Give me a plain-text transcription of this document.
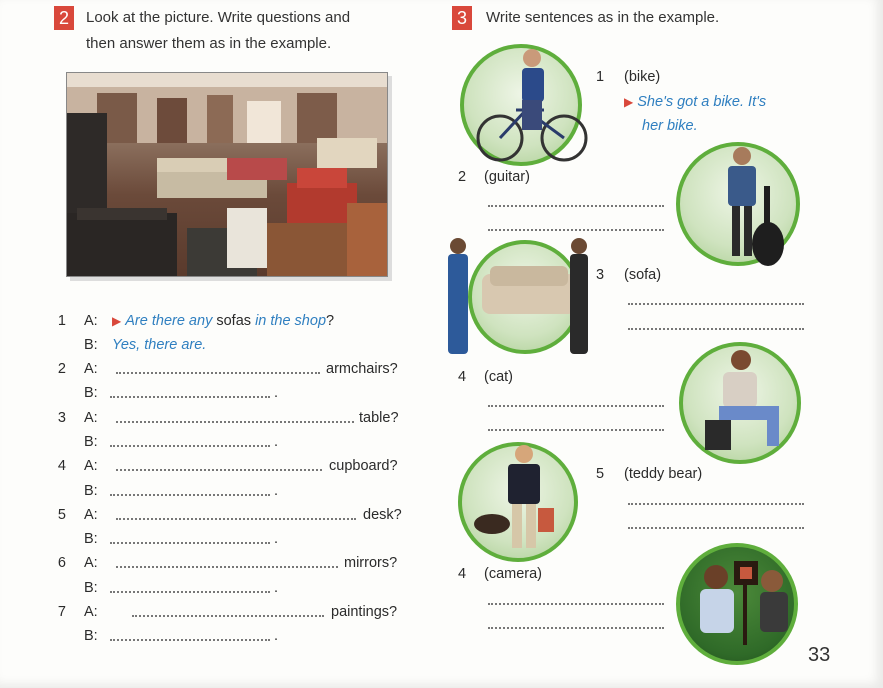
2	Look at the picture. Write questions and
then answer them as in the example.
1 A: ▶ Are there any sofas in the shop?
B: Yes, there are.
2 A:	armchairs?
B:	.
3 A:	table?
B:	.
4 A:	cupboard?
B:	.
5 A:	desk?
B:	.
6 A:	mirrors?
B:	.
7 A:	paintings?
B:	.
3	Write sentences as in the example.
1 (bike)
▶ She's got a bike. It's
her bike.
2 (guitar)
3 (sofa)
4 (cat)
5 (teddy bear)
4 (camera)
33
